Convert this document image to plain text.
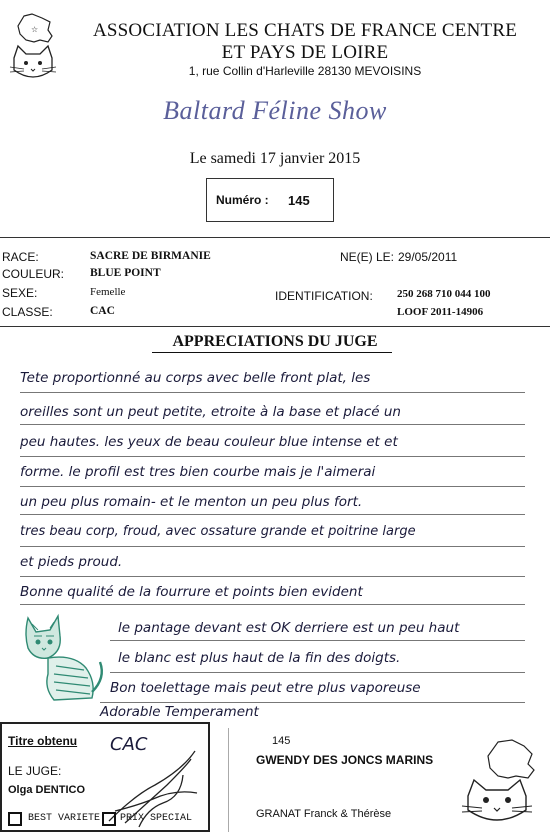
☆	ASSOCIATION LES CHATS DE FRANCE CENTRE
ET PAYS DE LOIRE
1, rue Collin d'Harleville 28130 MEVOISINS
Baltard Féline Show
Le samedi 17 janvier 2015
Numéro : 145
RACE:	SACRE DE BIRMANIE	NE(E) LE: 29/05/2011
COULEUR: BLUE POINT
SEXE:	Femelle	IDENTIFICATION: 250 268 710 044 100
CLASSE:	CAC	LOOF 2011-14906
APPRECIATIONS DU JUGE
Tete proportionné au corps avec belle front plat, les
oreilles sont un peut petite, etroite à la base et placé un
peu hautes. les yeux de beau couleur blue intense et et
forme. le profil est tres bien courbe mais je l'aimerai
un peu plus romain- et le menton un peu plus fort.
tres beau corp, froud, avec ossature grande et poitrine large
et pieds proud.
Bonne qualité de la fourrure et points bien evident
le pantage devant est OK derriere est un peu haut
le blanc est plus haut de la fin des doigts.
Bon toelettage mais peut etre plus vaporeuse
Adorable Temperament
Titre obtenu CAC
LE JUGE:
Olga DENTICO
BEST VARIETE PRIX SPECIAL
145
GWENDY DES JONCS MARINS
GRANAT Franck & Thérèse
